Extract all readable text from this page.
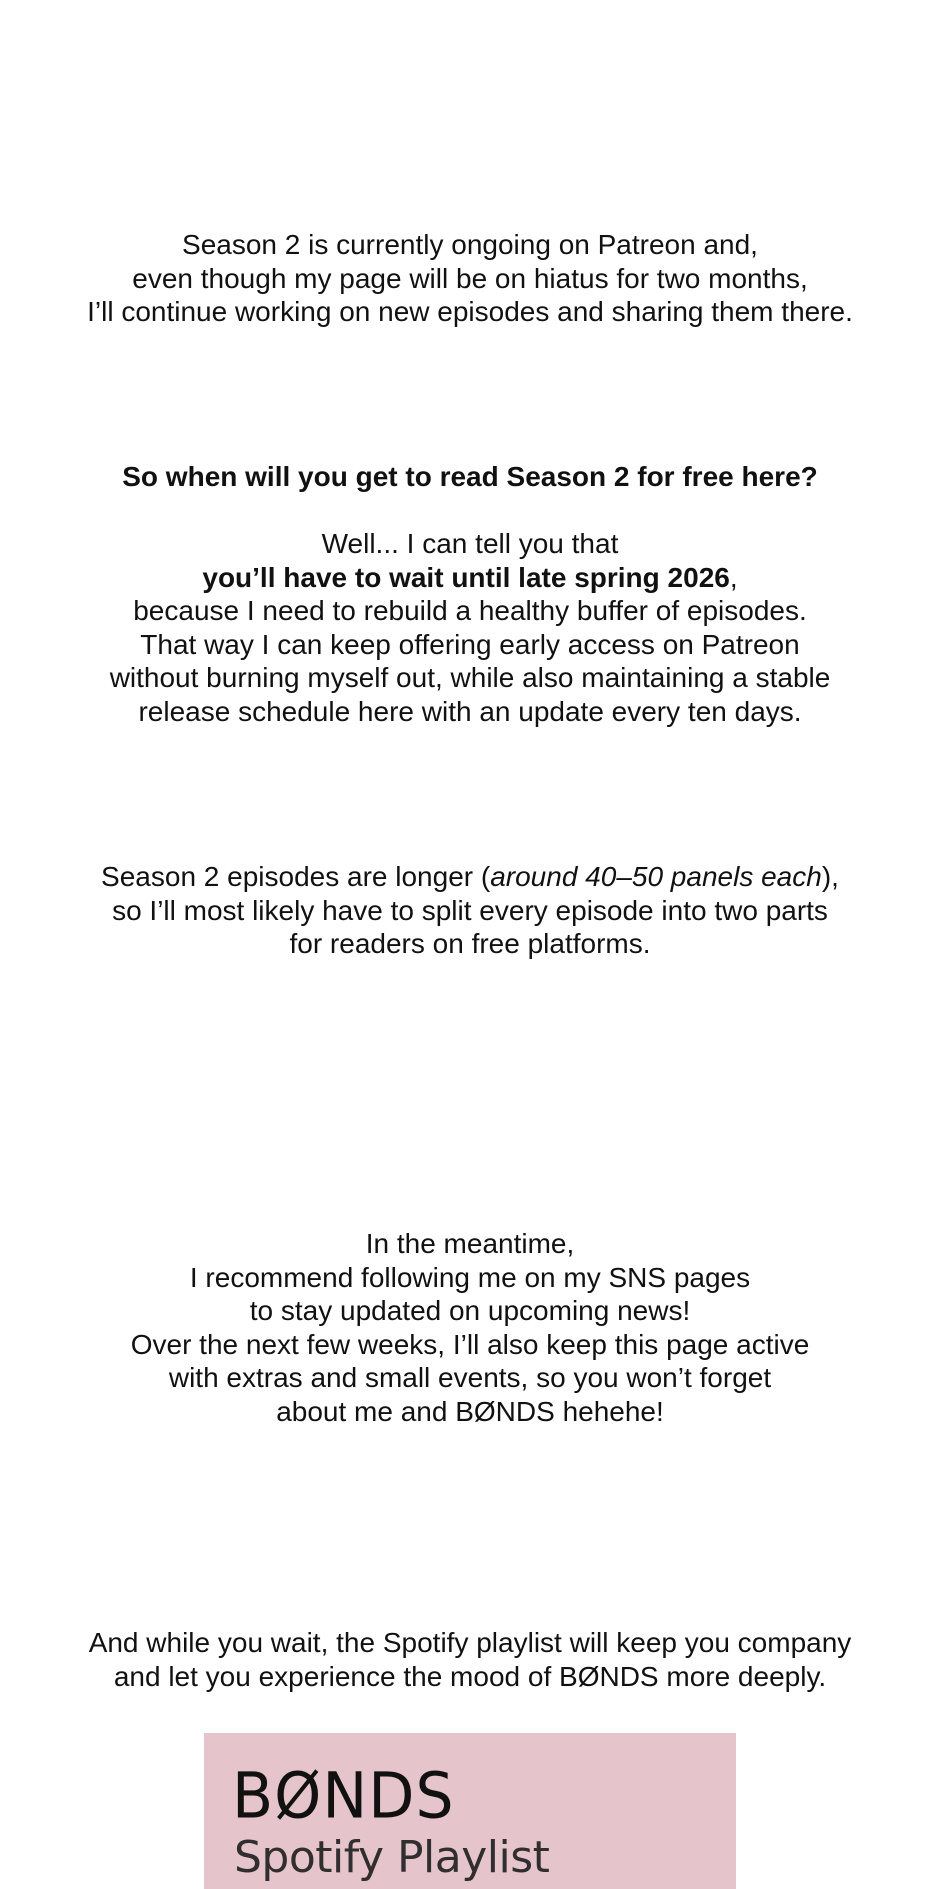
Season 2 is currently ongoing on Patreon and,
even though my page will be on hiatus for two months,
I’ll continue working on new episodes and sharing them there.
So when will you get to read Season 2 for free here?

Well... I can tell you that
you’ll have to wait until late spring 2026,
because I need to rebuild a healthy buffer of episodes.
That way I can keep offering early access on Patreon
without burning myself out, while also maintaining a stable
release schedule here with an update every ten days.
Season 2 episodes are longer (around 40–50 panels each),
so I’ll most likely have to split every episode into two parts
for readers on free platforms.
In the meantime,
I recommend following me on my SNS pages
to stay updated on upcoming news!
Over the next few weeks, I’ll also keep this page active
with extras and small events, so you won’t forget
about me and BØNDS hehehe!
And while you wait, the Spotify playlist will keep you company
and let you experience the mood of BØNDS more deeply.
BØNDS
Spotify Playlist
